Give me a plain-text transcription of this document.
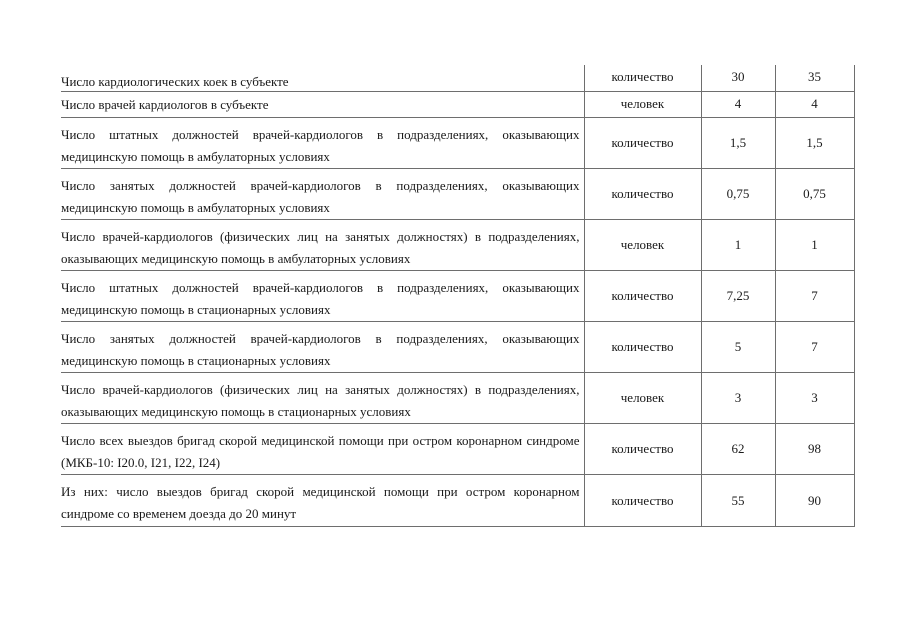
Число кардиологических коек в субъекте	количество	30	35
Число врачей кардиологов в субъекте	человек	4	4
Число штатных должностей врачей-кардиологов в подразделениях, оказывающих медицинскую помощь в амбулаторных условиях	количество	1,5	1,5
Число занятых должностей врачей-кардиологов в подразделениях, оказывающих медицинскую помощь в амбулаторных условиях	количество	0,75	0,75
Число врачей-кардиологов (физических лиц на занятых должностях) в подразделениях, оказывающих медицинскую помощь в амбулаторных условиях	человек	1	1
Число штатных должностей врачей-кардиологов в подразделениях, оказывающих медицинскую помощь в стационарных условиях	количество	7,25	7
Число занятых должностей врачей-кардиологов в подразделениях, оказывающих медицинскую помощь в стационарных условиях	количество	5	7
Число врачей-кардиологов (физических лиц на занятых должностях) в подразделениях, оказывающих медицинскую помощь в стационарных условиях	человек	3	3
Число всех выездов бригад скорой медицинской помощи при остром коронарном синдроме (МКБ-10: I20.0, I21, I22, I24)	количество	62	98
Из них: число выездов бригад скорой медицинской помощи при остром коронарном синдроме со временем доезда до 20 минут	количество	55	90
